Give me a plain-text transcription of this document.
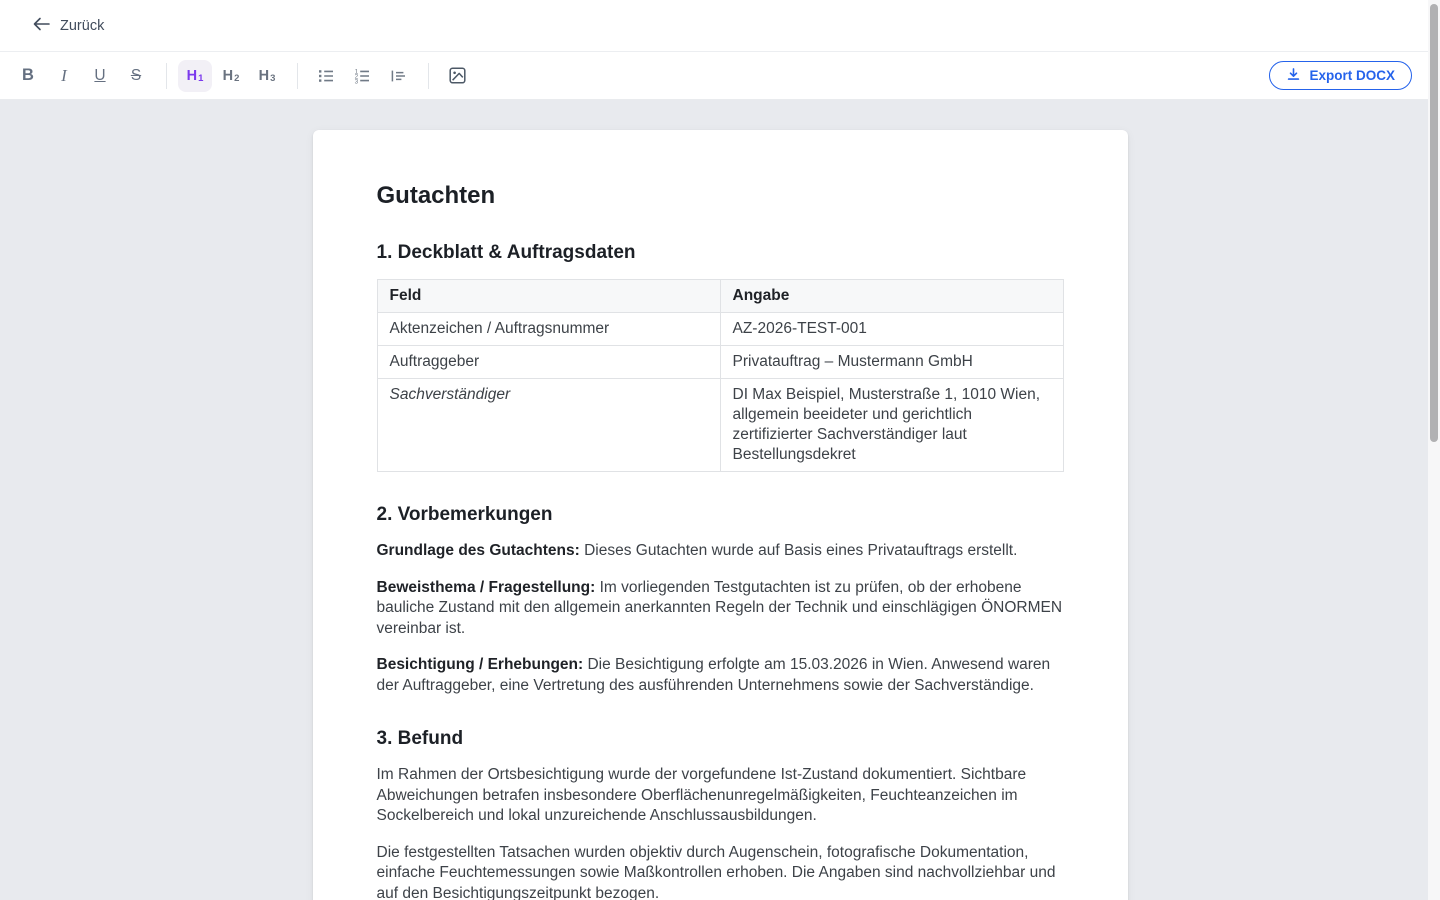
Zurück
B	I	U	S	H 1 H 2 H 3
1
2
3	Export DOCX
Gutachten
1. Deckblatt & Auftragsdaten
Feld	Angabe
Aktenzeichen / Auftragsnummer	AZ-2026-TEST-001
Auftraggeber	Privatauftrag – Mustermann GmbH
Sachverständiger	DI Max Beispiel, Musterstraße 1, 1010 Wien, allgemein beeideter und gerichtlich zertifizierter Sachverständiger laut Bestellungsdekret
2. Vorbemerkungen

Grundlage des Gutachtens: Dieses Gutachten wurde auf Basis eines Privatauftrags erstellt.

Beweisthema / Fragestellung: Im vorliegenden Testgutachten ist zu prüfen, ob der erhobene bauliche Zustand mit den allgemein anerkannten Regeln der Technik und einschlägigen ÖNORMEN vereinbar ist.

Besichtigung / Erhebungen: Die Besichtigung erfolgte am 15.03.2026 in Wien. Anwesend waren der Auftraggeber, eine Vertretung des ausführenden Unternehmens sowie der Sachverständige.

3. Befund

Im Rahmen der Ortsbesichtigung wurde der vorgefundene Ist-Zustand dokumentiert. Sichtbare Abweichungen betrafen insbesondere Oberflächenunregelmäßigkeiten, Feuchteanzeichen im Sockelbereich und lokal unzureichende Anschlussausbildungen.

Die festgestellten Tatsachen wurden objektiv durch Augenschein, fotografische Dokumentation, einfache Feuchtemessungen sowie Maßkontrollen erhoben. Die Angaben sind nachvollziehbar und auf den Besichtigungszeitpunkt bezogen.
